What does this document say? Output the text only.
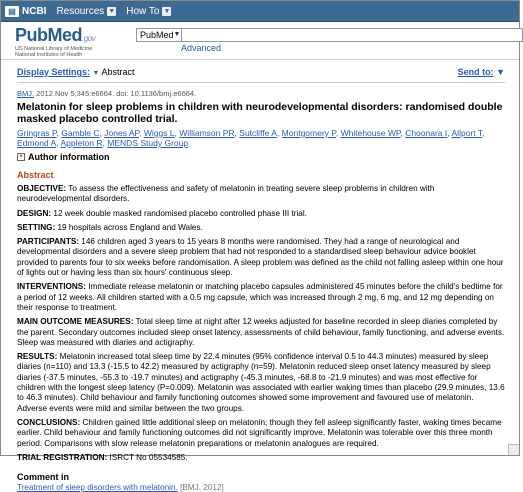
▤ NCBI Resources ▼ How To ▼
PubMed.gov
US National Library of Medicine
National Institutes of Health
PubMed ▼
Advanced
Display Settings: ▼ Abstract	Send to: ▼
BMJ. 2012 Nov 5;345:e6664. doi: 10.1136/bmj.e6664.
Melatonin for sleep problems in children with neurodevelopmental disorders: randomised double masked placebo controlled trial.
Gringras P, Gamble C, Jones AP, Wiggs L, Williamson PR, Sutcliffe A, Montgomery P, Whitehouse WP, Choonara I, Allport T, Edmond A, Appleton R, MENDS Study Group
+ Author information
Abstract
OBJECTIVE: To assess the effectiveness and safety of melatonin in treating severe sleep problems in children with neurodevelopmental disorders.
DESIGN: 12 week double masked randomised placebo controlled phase III trial.
SETTING: 19 hospitals across England and Wales.
PARTICIPANTS: 146 children aged 3 years to 15 years 8 months were randomised. They had a range of neurological and developmental disorders and a severe sleep problem that had not responded to a standardised sleep behaviour advice booklet provided to parents four to six weeks before randomisation. A sleep problem was defined as the child not falling asleep within one hour of lights out or having less than six hours' continuous sleep.
INTERVENTIONS: Immediate release melatonin or matching placebo capsules administered 45 minutes before the child's bedtime for a period of 12 weeks. All children started with a 0.5 mg capsule, which was increased through 2 mg, 6 mg, and 12 mg depending on their response to treatment.
MAIN OUTCOME MEASURES: Total sleep time at night after 12 weeks adjusted for baseline recorded in sleep diaries completed by the parent. Secondary outcomes included sleep onset latency, assessments of child behaviour, family functioning, and adverse events. Sleep was measured with diaries and actigraphy.
RESULTS: Melatonin increased total sleep time by 22.4 minutes (95% confidence interval 0.5 to 44.3 minutes) measured by sleep diaries (n=110) and 13.3 (-15.5 to 42.2) measured by actigraphy (n=59). Melatonin reduced sleep onset latency measured by sleep diaries (-37.5 minutes, -55.3 to -19.7 minutes) and actigraphy (-45.3 minutes, -68.8 to -21.9 minutes) and was most effective for children with the longest sleep latency (P=0.009). Melatonin was associated with earlier waking times than placebo (29.9 minutes, 13.6 to 46.3 minutes). Child behaviour and family functioning outcomes showed some improvement and favoured use of melatonin. Adverse events were mild and similar between the two groups.
CONCLUSIONS: Children gained little additional sleep on melatonin; though they fell asleep significantly faster, waking times became earlier. Child behaviour and family functioning outcomes did not significantly improve. Melatonin was tolerable over this three month period. Comparisons with slow release melatonin preparations or melatonin analogues are required.
TRIAL REGISTRATION: ISRCT No 05534585.
Comment in
Treatment of sleep disorders with melatonin. [BMJ. 2012]
